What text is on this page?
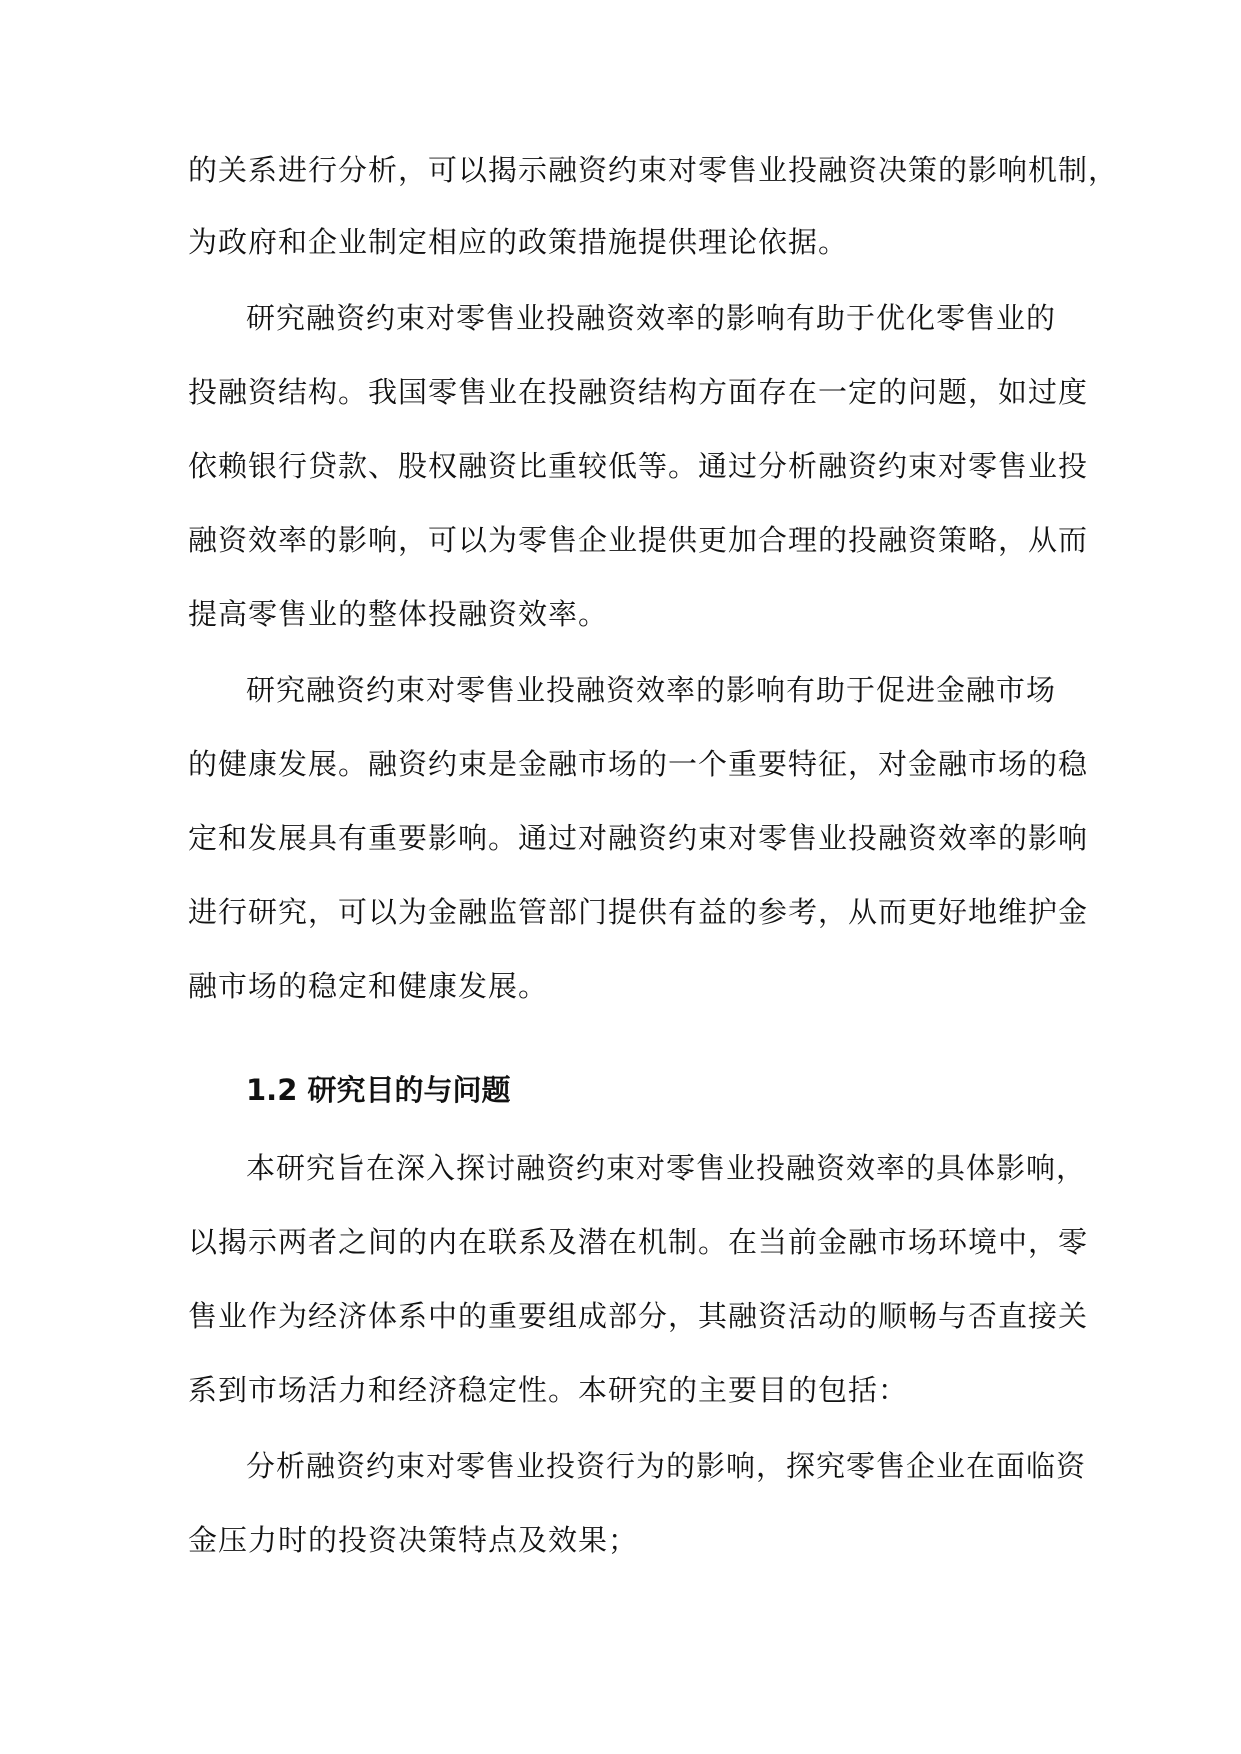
的关系进行分析，可以揭示融资约束对零售业投融资决策的影响机制，
为政府和企业制定相应的政策措施提供理论依据。
研究融资约束对零售业投融资效率的影响有助于优化零售业的
投融资结构。我国零售业在投融资结构方面存在一定的问题，如过度
依赖银行贷款、股权融资比重较低等。通过分析融资约束对零售业投
融资效率的影响，可以为零售企业提供更加合理的投融资策略，从而
提高零售业的整体投融资效率。
研究融资约束对零售业投融资效率的影响有助于促进金融市场
的健康发展。融资约束是金融市场的一个重要特征，对金融市场的稳
定和发展具有重要影响。通过对融资约束对零售业投融资效率的影响
进行研究，可以为金融监管部门提供有益的参考，从而更好地维护金
融市场的稳定和健康发展。
1.2 研究目的与问题
本研究旨在深入探讨融资约束对零售业投融资效率的具体影响，
以揭示两者之间的内在联系及潜在机制。在当前金融市场环境中，零
售业作为经济体系中的重要组成部分，其融资活动的顺畅与否直接关
系到市场活力和经济稳定性。本研究的主要目的包括：
分析融资约束对零售业投资行为的影响，探究零售企业在面临资
金压力时的投资决策特点及效果；
